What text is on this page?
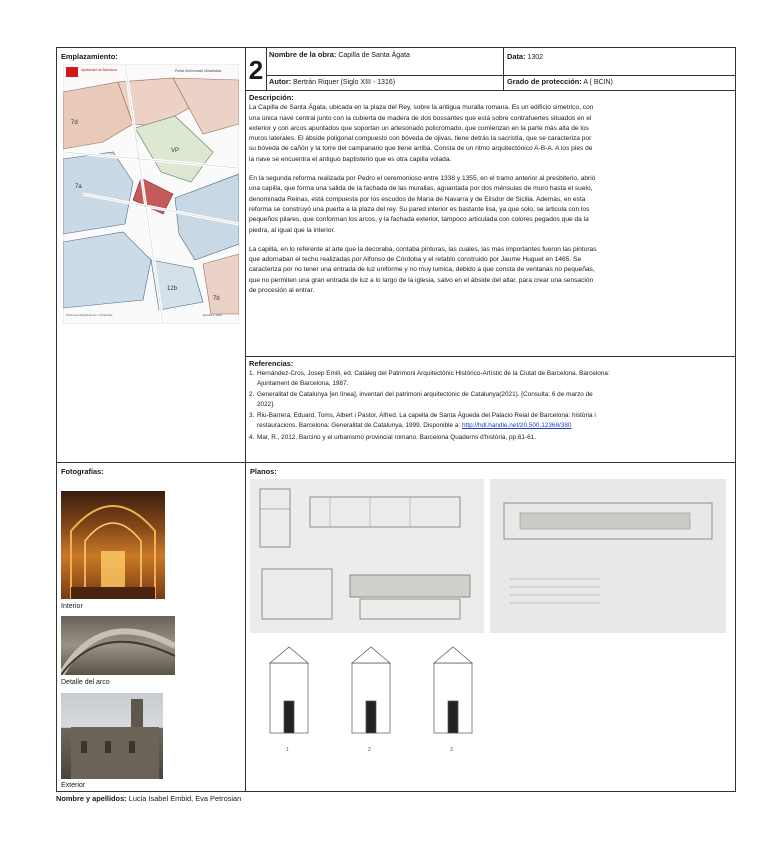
Emplazamiento:
Ajuntament de Barcelona	Portal d'Informació Urbanística
7d
7a
VP
12b
7b
Patrimoni Arquitectònic i Urbanístic	Escala 1:1000
2
Nombre de la obra: Capilla de Santa Ágata	Data: 1302
Autor: Bertrán Riquer (Siglo XIII - 1316)	Grado de protección: A ( BCIN)
Descripción:

La Capilla de Santa Ágata, ubicada en la plaza del Rey, sobre la antigua muralla romana. Es un edificio simetrico, con una única nave central junto con la cubierta de madera de dos bossantes que está sobre contrafuertes situados en el exterior y con arcos apuntados que soportan un artesonado policromado, que comienzan en la parte más alta de los muros laterales. El ábside poligonal compuesto con bóveda de ojivas, tiene detrás la sacristía, que se caracteriza por su bóveda de cañón y la torre del campanario que tiene arriba. Consta de un ritmo arquitectónico A-B-A. A los pies de la nave se encuentra el antiguo baptisterio que es otra capilla volada.

En la segunda reforma realizada por Pedro el ceremonioso entre 1338 y 1355, en el tramo anterior al presbiterio, abrió una capilla, que forma una salida de la fachada de las murallas, aguantada por dos ménsulas de muro hasta el suelo, denominada Reinas, está compuesta por los escudos de María de Navarra y de Elisdor de Sicilia. Además, en esta reforma se construyó una puerta a la plaza del rey. Su pared interior es bastante lisa, ya que solo, se articula con los pequeños pilares, que conforman los arcos, y la fachada exterior, tampoco articulada con colores pegados que da la piedra, al igual que la interior.

La capilla, en lo referente al arte que la decoraba, contaba pinturas, las cuales, las mas importantes fueron las pinturas que adornaban el techo realizadas por Alfonso de Córdoba y el retablo construido por Jaume Huguet en 1465. Se caracteriza por no tener una entrada de luz uniforme y no muy lumica, debido a que consta de ventanas no pequeñas, que no permiten una gran entrada de luz a lo largo de la iglesia, salvo en el ábside del altar, para crear una sensación de procesión al entrar.

Referencias:
1. Hernández-Cros, Josep Emili, ed. Catàleg del Patrimoni Arquitectònic Històrico-Artístic de la Ciutat de Barcelona. Barcelona: Ajuntament de Barcelona, 1987.
2. Generalitat de Catalunya [en línea], inventari del patrimoni arquitectònic de Catalunya(2021). [Consulta: 6 de marzo de 2022].
3. Riu-Barrera, Eduard, Toms, Albert i Pastor, Alfred. La capella de Santa Àgueda del Palacio Reial de Barcelona: història i restauracions. Barcelona: Generalitat de Catalunya, 1999. Disponible a: http://hdl.handle.net/20.500.12368/380
4. Mar, R., 2012. Barcino y el urbanismo provincial romano. Barcelona Quaderns d'història, pp.61-61.
Fotografías:
Interior
Detalle del arco
Exterior
Planos:
1	2	3
Nombre y apellidos: Lucia Isabel Embid, Eva Petrosian
